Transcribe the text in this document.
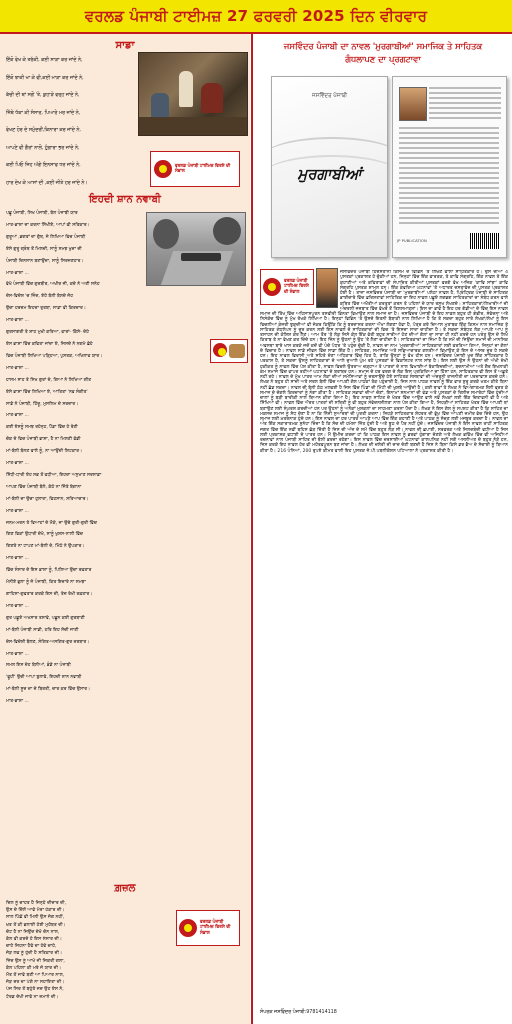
ਵਰਲਡ ਪੰਜਾਬੀ ਟਾਈਮਜ਼ 27 ਫਰਵਰੀ 2025 ਦਿਨ ਵੀਰਵਾਰ
ਸਾਡਾ
ਇੱਕੋ ਵੇਖ ਕੇ ਤਰੱਕੀ, ਕਈ ਸਾੜਾ ਕਰ ਜਾਂਦੇ ਨੇ,
ਇੱਕੋ ਝਾਕੀ ਖਾ ਕੇ ਵੀ,ਕਈ ਮਾੜਾ ਕਰ ਜਾਂਦੇ ਨੇ,
ਕੱਚੀ ਦੀ ਥਾਂ ਸਗੋਂ 'ਤੇ, ਕੁਹਾੜੇ ਵਰ੍ਹ ਜਾਂਦੇ ਨੇ,
ਜਿੱਥੇ ਧੱਕਾ ਕੀ ਸੰਸਾਰ, ਪਿਆਰੇ ਮਰ ਜਾਂਦੇ ਨੇ,
ਵੇਖਣ ਹੋਰ ਦੇ ਸਮੁੰਦਰੀਂ,ਕਿਨਾਰਾ ਕਰ ਜਾਂਦੇ ਨੇ,
ਆਪਣੇ ਵੀ ਗੈਰਾਂ ਨਾਲੋਂ, ਹੁੰਗਾਰਾ ਭਰ ਜਾਂਦੇ ਨੇ,
ਕਈ ਪਿਓ ਜਿਹ ਅੱਗੇ ਇਨਸਾਫ ਧਰ ਜਾਂਦੇ ਨੇ,
ਹਾਰ ਦੇਖ ਕੇ ਆਸਾਂ ਦੀ ,ਕਈ ਜੀਤੇ ਹਰ ਜਾਂਦੇ ਨੇ।
ਵਰਲਡ ਪੰਜਾਬੀ ਟਾਈਮਜ਼ ਵਿਰਸੇ ਦੀ ਸੰਭਾਲ
ਇਹਦੀ ਸ਼ਾਨ ਨਵਾਬੀ
ਪਛੂ ਪੰਜਾਬੀ, ਸਿਖ ਪੰਜਾਬੀ, ਬੋਲ ਪੰਜਾਬੀ ਯਾਰ
ਮਾਤ-ਭਾਸ਼ਾ ਦਾ ਕਰਨਾ ਸਿੱਖੀਏ, ਆਪਾਂ ਵੀ ਸਤਿਕਾਰ।
ਗੁਰੂਆਂ ,ਭਗਤਾਂ ਦਾ ਗੁੱਥ, ਜੋ ਲਿਖਿਆ ਵਿਚ ਪੰਜਾਬੀ
ਏਸੇ ਗੁਰੂ ਗ੍ਰੰਥ ਤੋਂ ਮਿਲਦੀ, ਸਾਨੂੰ ਸਮਝ ਖੁਦਾ ਦੀ
ਪੰਜਾਬੀ ਦਿਨਸਾਨ ਬਣਾਉਂਦਾ, ਸਾਨੂੰ ਸਿਰਜਣਹਾਰ।
ਮਾਤ-ਭਾਸ਼ਾ ...
ਵੇਖੇ ਪੰਜਾਬੀ ਵਿੱਚ ਗੁਰਬੀਰ, ਅਖੀਰ ਜੀ, ਕਦੇ ਨੇ ਅਣੀ ਸਨੇਹ
ਦੇਸ-ਵਿਦੇਸ਼ 'ਚ ਜਿੰਦ, ਏਹੋ ਬੋਲੀ ਬੋਲਦੇ ਜੋਹ
ਉਚਾ ਹਰਦਮ ਇਹਦਾ ਰੁਤਬਾ, ਸਾਡਾ ਵੀ ਕਿਰਦਾਰ।
ਮਾਤ-ਭਾਸ਼ਾ ...
ਗੁਰਸਾਗਰੀ ਤੇ ਸ਼ਾਹ ਮੁਖੀ ਕਰਿਆ, ਵਾਰਾਂ- ਕਿੱਸੇ- ਦੋਹੇ
ਏਸ ਭਾਸ਼ਾ ਵਿੱਚ ਕਵਿਤਾ ਜਾਂਦਾ ਏ, ਜਿਸਦੇ ਨੇ ਨਗਮੇ ਛੋਹੇ
ਵਿਚ ਪੰਜਾਬੀ ਲਿਖਿਆ ਪੜ੍ਹਿਆ, ਪੁਸਤਕ, ਅਖਿਲਾਵ ਯਾਰ।
ਮਾਤ-ਭਾਸ਼ਾ ...
ਹਾਸਮ ਸਾਹ ਤੇ ਸਿਖ ਗੁਰਾਂ ਦੇ, ਗਿਆ ਨੇ ਲਿਖਿਆ ਗੀਤ
ਏਸੇ ਭਾਸ਼ਾ ਵਿੱਚ ਲਿਖਿਆ ਏ, ਆਤਿਤਾ 'ਨਵ ਸੰਗੀਤ'
ਸਾਡੇ ਨੇ ਪੰਜਾਬੀ, ਹਿੱਦੂ, ਮੁਸਲਿਮ ਦੇ ਸਰਦਾਰ।
ਮਾਤ-ਭਾਸ਼ਾ ...
ਕਈ ਏਸਨੂੰ ਸਮਝ ਰਹੇਨ੍ਹ, ਪੈਂਡਾ ਵਿੱਚ ਹੋ ਰੋਣੀ
ਚੋਕ ਦੇ ਵਿਚ ਪੰਜਾਬੀ ਭਾਸ਼ਾ, ਹੈ ਨਾ ਮਿਲਣੀ ਵੱਡੀ
ਮਾਂ-ਬੋਲੀ ਬੋਲਣ ਵਾਲੇ ਨੂੰ, ਨਾ ਆਉਂਦੀ ਸ਼ਿਟਕਾਰ।
ਮਾਤ-ਭਾਸ਼ਾ ...
ਸਿੱਧੀ-ਧਾਰੀ ਏਹ ਸਭ ਤੋਂ ਵਧੀਆ, ਇਹਦਾ ਅਨੁਖਾਣ ਸਰਸਾਡਾ
ਆਪਣ ਵਿੱਚ ਪੰਜਾਬੀ ਬੋਲੋ, ਕੱਠੇ ਨਾ ਜਿੱਤੇ ਬੇਗਾਨਾ
ਮਾਂ-ਬੋਲੀ ਦਾ ਉਚਾ ਹੁਲਾਰਾ, ਵਿਹਸਾਨ, ਸਤਿਆਚਾਰ।
ਮਾਤ-ਭਾਸ਼ਾ ...
ਜਨਮ-ਮਰਨ ਤੇ ਵਿਆਹਾਂ ਦੇ ਮੌਕੇ, ਜਾ ਉਚੇ ਗੁਰੀ-ਗੁਰੀ ਵਿੱਚ
ਗਿਣ ਵਿਕਾਂ ਉਧਾਰੀ ਦੇਖੋ, ਸਾਨੂੰ ਖੁਸ਼ਸ-ਨਾਲੀ ਵਿੱਚ
ਗਿਣਤੇ ਨਾ ਟਾਪਣ ਮਾਂ-ਬੋਲੀ ਦੇ, ਮਿੱਠੇ ਨੇ ਉਪਕਾਰ।
ਮਾਤ-ਭਾਸ਼ਾ ...
ਵਿੱਚ ਸੰਸਾਰ ਦੇ ਇਸ ਭਾਸ਼ਾ ਨੂੰ, ਪਿਲਿਆ ਉਚਾ ਰਫਤਾਰ
ਮੋਨੀਏ ਭੁਲਾ ਨੂੰ ਜੇ ਪੰਜਾਬੀ, ਕਿਤ ਇਦਾਰੇ ਨਾ ਸਮਝਾ
ਗਾਹਿਸਾ-ਗੁਫਤਾਰ ਕਰਕੇ ਇਸ ਦੀ, ਤੇਜ਼ ਰੱਖੀ ਰਫ਼ਤਾਰ।
ਮਾਤ-ਭਾਸ਼ਾ ...
ਗੁਰ ਪਛੂਏ ਅਖਸਾਰ ਤਸਾਵੇ, ਪਛੂਨ ਕਈ ਗੁਰਬਾਣੀ
ਮਾਂ-ਬੋਲੀ ਪੰਜਾਬੀ ਸਾਡੀ, ਹਰਿ ਇਹ ਸੱਚੀ ਜਾਣੀ
ਦੇਸ-ਵਿਦੇਸ਼ੀ ਬੋਲਣ, ਸੰਗਿਤ-ਅਸਗਿਤ-ਗੁਰ ਦਰਬਾਰ।
ਮਾਤ-ਭਾਸ਼ਾ ...
ਸਮਲ ਇਸ ਦੇਹ ਬੋਲੀਆਂ, ਭੰਡੇ ਨਾ ਪੰਜਾਬੀ
'ਫੂਹੀ' ਉਚੀ ਆਪਾ ਬੁਲਾਵੇ, ਇਹਦੀ ਸ਼ਾਨ ਨਵਾਬੀ
ਮਾਂ-ਬੋਲੀ ਸੂਦ ਦਾ ਦੇ ਬਿਰਤੀ, ਚਾਰ ਕਰ ਵਿੱਚ ਉਸਾਰ।
ਮਾਤ-ਭਾਸ਼ਾ ...
ਗ਼ਜ਼ਲ
ਦਿਲ ਨੂੰ ਚਾਹਤ ਹੈ ਜਿਨ੍ਹੇ ਦੀਦਾਰ ਦੀ,
ਉਸ ਦੇ ਦਿੱਲੋਂ ਆਵੇ ਮੇਰਾ ਹੰਕਾਰ ਦੀ।
ਸਾਲ ਪਿੱਛੋਂ ਵੀ ਮਿਲੀ ਉਸ ਜੱਗ ਨਹੀਂ,
ਖ਼ਤ ਤੋਂ ਕੀ ਭਲਾਈ ਹੋਈ ਮੁਹੱਬਤ ਦੀ।
ਚੋਟ ਹੈ ਨਾ ਜਿਉਂਦ ਦੇਖੋ ਚੱਨ ਨਾਲ,
ਕੱਲ ਵੀ ਕਰਦੇ ਹੋ ਇਸ ਸੰਸਾਰ ਦੀ।
ਚਾਹੇ ਜਿਹਨਾ ਹੈਵੇ ਦਾ ਹੋਵੇ ਚਾਹੇ,
ਜੋੜ ਲਵ ਨੂੰ ਹੁੰਦੀ ਹੈ ਸਤਿਕਾਰ ਦੀ।
ਜਿੰਦ ਉਸ ਨੂੰ ਆਖੋ ਜੀ ਜਿਕਰੀ ਗਲਾ,
ਕੱਲ ਪਹਿਲਾ ਕੀ ਮਰੇ ਜੇ ਯਾਰ ਦੀ।
ਮੌਤ ਤੋਂ ਜਾਵੇ ਬਣੀ ਆ ਪਿਆਰ ਨਾਲ,
ਜੇੜ ਦਰ ਦਾ ਪੰਗੇ ਨਾ ਸਹਾਇਤਾ ਦੀ।
ਪੰਜ ਸਿਰ ਤੋਂ ਬਹੁੰਤੇ ਜਦ ਉਹ ਏਸ ਨੇ,
ਟੋਰਡ ਦੇਖੀ ਜਾਵੇ ਨਾ ਜ਼ਮਾਨੇ ਦੀ।
ਵਰਲਡ ਪੰਜਾਬੀ ਟਾਈਮਜ਼ ਵਿਰਸੇ ਦੀ ਸੰਭਾਲ
ਜਸਵਿੰਦਰ ਪੰਜਾਬੀ ਦਾ ਨਾਵਲ 'ਮੁਰਗਾਬੀਆਂ' ਸਮਾਜਿਕ ਤੇ ਸਾਹਿਤਕ
ਗੰਧਲਾਪਣ ਦਾ ਪ੍ਰਗਟਾਵਾ
ਜਸਵਿੰਦਰ ਪੰਜਾਬੀ
ਮੁਰਗਾਬੀਆਂ
JP PUBLICATION
ਜਸਵਿੰਦਰ ਪੰਜਾਬੀ ਹਿੰਦੋਸਤਾਨੀ ਕਿਸਮ ਦੇ ਵਿਭਿੰਨ 'ਤੇ ਲਿਖਣ ਵਾਲਾ ਸਾਹਿਤਕਾਰ ਹੈ। ਉਸ ਦੀਆਂ 4 ਪੁਸਤਕਾਂ ਪ੍ਰਕਾਸ਼ਤ ਹੋ ਚੁੱਕੀਆਂ ਹਨ, ਜਿਨ੍ਹਾਂ ਵਿੱਚ ਇੱਕ ਵਾਰਤਕ, ਤੇ ਕਾਵਿ ਸੰਗ੍ਰਹਿ, ਇੱਕ ਨਾਵਲ ਤੇ ਇੱਕ ਕਹਾਣੀਆਂ ਅਤੇ ਕਵਿਤਾਵਾਂ ਦੀ ਸੰਪਾਦਿਤ ਕੀਤੀਆਂ ਪੁਸਤਕਾਂ ਵਰਗੇ ਵੱਖ ਅਜਿਕ 'ਕਾਵਿ ਸਾਂਝਾ' ਕਾਵਿ ਸੰਗ੍ਰਹਿ ਪੁਸਤਕ ਸ਼ਾਮਲ ਹਨ। ਇੱਕ ਕੰਵਰਿਆ ਘਟਨਾਵਾਂ 'ਤੇ ਅਧਾਰਤ ਦਸਤਾਵੇਜ਼ ਦੀ ਪੁਸਤਕ ਪ੍ਰਕਾਸ਼ਤ ਹੋਈ ਹੈ। ਤਾਜ਼ਾ ਜਸਵਿੰਦਰ ਪੰਜਾਬੀ ਦਾ 'ਮੁਰਗਾਬੀਆਂ' ਪਲੇਠਾ ਨਾਵਲ ਹੈ, ਪ੍ਰਿੰਟ੍ਰਿਕ ਪੰਜਾਬੀ ਦੇ ਸਾਹਿਤਕ ਭਾਈਚਾਰੇ ਵਿੱਚ ਫ਼ਰਿਸ਼ਤਾਵਾਂ ਸਾਹਿਤਿਕ ਦਾ ਇਹ ਨਾਵਲ ਪਛੂਏ ਲਗਭਗ ਸਾਹਿਤਕਾਰਾਂ ਦਾ ਸੰਬੰਧ ਕਰਨ ਵਾਲੇ ਕਥਿਤ ਵਿੱਚ ਅਖੌਤੀਆਂ ਕਰਤੂਤਾਂ ਕਰਨ ਤੇ ਪਹਿਲਾਂ ਦੇ ਯਾਰ ਰਸੂਖ ਲੱਖਣਦੇ। ਸਾਹਿਤਕਾਰਾਂ/ਲਿਖਾਰੀਆਂ ਦੀ ਅੰਦਰਲੀ ਜਜ਼ਬਾਤ ਵਿੱਚ ਵੱਖਰ ਤੋਂ ਤਿਲਸਮਾਤਸ਼ਾਂ। ਇਸ ਦਾ ਭਾਵ ਹੈ ਇਹ ਹਰ ਗੱਡੀਆਂ ਦੇ ਵਿੱਚ ਇਸ ਨਾਵਲ ਸਮਾਜ ਦੀ ਤਿੱਖ ਵਿੱਚ ਅਹਿਸਾਸਪੂਰਨ ਤਸਵੀਰੀ ਭਿੰਨਤਾ ਵਿਖਾਉਣ ਨਾਲ ਸਮਾਜ ਦਾ ਹੈ। ਜਸਵਿੰਦਰ ਪੰਜਾਬੀ ਦੇ ਇਹ ਨਾਵਲ ਬਹੁਤ ਹੀ ਗੰਭੀਰ, ਸੰਵੇਦਨਾ ਅਤੇ ਨਿਸੰਕੋਚ ਵਿੱਚ ਨੂੰ ਮੁੱਖ ਰੱਖਕੇ ਲਿਖਿਆ ਹੈ। ਇਨ੍ਹਾਂ ਵਿਭਿੰਨ 'ਤੇ ਉਸਦੇ ਇਤਨੀ ਬੇਬਾਕੀ ਨਾਲ ਲਿਖਿਆ ਹੈ ਕਿ ਤੇ ਸਕਦਾ ਬਹੁਤ ਸਾਰੇ ਲੇਖਕਾਂ/ਲੇਖਾਂ ਨੂੰ ਇਸ ਵਿਚਲੀਆਂ ਕੰਜਰੀ ਝੁਕਦੀਆਂ ਵੀ ਜੇਕਰ ਕਿਉਂਕਿ ਕਿ ਨੂੰ ਬਰਦਾਸ਼ਤ ਕਰਨਾ ਔਖਾ ਲੱਗਣਾ ਹੋਵਾ ਹੈ, ਪੱਤ੍ਰ ਕਰੇ ਚਿਆਲ ਮੁਤਾਬਕ ਇੱਕ ਕਿਸਮ ਨਾਲ ਸਮਾਜਿਕ ਤੇ ਸਾਹਿਤਕ ਗੰਧਲੇਪਨ ਨੂੰ ਦੂਰ ਕਰਨ ਲਈ ਇਸ ਨਾਵਲ ਦੇ ਸਾਹਿਤਕਾਰਾਂ ਦੀ ਵਿਚ 'ਤੇ ਇਸਦਾ ਸਾਰਾ ਚਾਹੀਦਾ ਹੈ। ਤੇ ਸਕਦਾ ਸੰਬੰਧਤ ਲੋਕ ਆਪਣੇ ਆਪ ਨੂੰ ਤਸਾਹਨ ਦੀ ਕੋਸ਼ਿਸ਼ ਕਰ ਲੈਣ। ਆਮ ਤੌਰ 'ਤੇ ਲੋਕ ਜਿਸੇ ਕੋਲ ਇੱਕ ਵੇਰੀ ਬਹੁਤ ਸਾਰੀਆਂ ਹੋਣ ਦੀਆਂ ਗੱਲਾਂ ਦਾ ਸਾਰਾ ਹੀ ਨਹੀਂ ਕਰਦੇ ਹਨ ਪਰੰਤੂ ਉਸ ਦੇ ਲਿਖੇ ਕਿਤਾਬ ਤੇ ਨਾ ਵੇਖਣ ਕਰ ਦਿੰਦੇ ਹਨ। ਇਹ ਜਿੰਨ ਨੂੰ ਉਹਨਾਂ ਨੂੰ ਉਹ 'ਤੇ ਲੈਣਾ ਚਾਹੀਦਾ ਹੈ। ਸਾਹਿਤਕਾਰਾਂ ਦਾ ਜਿੰਮਾ ਹੈ ਕਿ ਸਮੇਂ ਦੀ ਜਿਉਂਦਾ ਸਮਾਜ ਦੀ ਮਾਨਸਿਕ ਅਵਸਥਾ ਬਾਰੇ ਖਾਸ ਕਰਕੇ ਜਦੋਂ ਕਦੋਂ ਵੀ ਪੰਚੇ ਪੱਧਰ 'ਤੇ ਪਹੁੰਚ ਚੁੱਕੀ ਹੈ, ਨਾਵਲ ਦਾ ਨਾਮ 'ਮੁਰਗਾਬੀਆਂ' ਸਾਹਿਤਕਾਰਾਂ ਲਈ ਵਰਤਿਆ ਗਿਆ, ਜਿਨ੍ਹਾਂ ਦਾ ਗੱਲਾਂ ਦੇ ਵਿਚਾਰ ਹੈ। ਨਾਵਲ ਸਾਡੇ ਜੀਵਨ ਵਿੱਚ ਸਾਡਾ ਇੱਕ ਹੈ। ਸਾਹਿਤਕ, ਸਮਾਜਿਕ ਅਤੇ ਸਭਿਆਚਾਰਕ ਗਲਤੀਆਂ ਵਿਖਾਉਣ ਕੇ ਇਸ ਦੇ ਅਸਰ ਦੂਰ ਹੋ ਸਕਦੇ ਹਨ। ਇਹ ਨਾਵਲ ਵਿਰਾਸੀ ਅਤੇ ਸਹਿਤੇ ਦੇਣਾ ਅਧਿਕਾਰ ਵਿੱਚ ਹਿਤ ਹੈ, ਤਾਕਿ ਉਨ੍ਹਾਂ ਨੂੰ ਵੱਖ ਹੀਸ ਹਨ। ਜਸਵਿੰਦਰ ਪੰਜਾਬੀ ਖੁਦ ਇੱਕ ਸਾਹਿਤਕਾਰ ਹੈ ਪਰਕਾਸ਼ ਹੈ, ਤੇ ਸਕਦਾ ਉਸਨੂੰ ਸਾਹਿਤਕਾਰਾਂ ਦੇ ਆਲੇ ਦੁਆਲੇ ਘੁੰਮ ਰਹੇ ਪੁਸਤਕਾਂ ਦੇ ਵਿਕਾਸ਼ਟਰ ਨਾਲ ਸਾਂਝ ਹੈ। ਇਸ ਲਈ ਉਸ ਨੇ ਉਹਨਾਂ ਦੀ ਅੱਖੀ ਦੇਖੀ ਹਕੀਕਤ ਨੂੰ ਨਾਵਲ ਵਿੱਚ ਪੇਸ਼ ਕੀਤਾ ਹੈ, ਨਾਵਲ ਵਿਚਲੇ ਉਤਰਾਅ ਚੜ੍ਹਾਅ ਤੇ ਪਾਤਰਾਂ ਦੇ ਨਾਲ ਵਿਖਾਈਆਂ ਬੇਕਾਇਦਗੀਆਂ, ਬਦਨਾਮੀਆਂ ਅਤੇ ਗੈਰ ਇਖਲਾਕੀ ਕੰਮ ਸਮਾਜ ਵਿੱਚ ਵਾਪਰ ਰਹੀਆਂ ਘਟਨਾਵਾਂ ਦੇ ਬਰਾਬਰ ਹਨ। ਸਮਾਜ ਦੇ ਹਰ ਵਰਗ ਦੇ ਲੋਕ ਇਸ ਪ੍ਰਕਿਰਿਆ ਦਾ ਹਿੱਸਾ ਹਨ, ਸਾਹਿਤਕਾਰ ਵੀ ਇਸ ਤੋਂ ਅਛੂਤੇ ਨਹੀਂ ਰਹੇ। ਨਾਵਲ ਦੇ ਮੁੱਖ ਪਾਤਰ ਆਮ ਲੋਕਾਂ ਦੀਆਂ ਸਮੱਸਿਆਵਾਂ ਨੂੰ ਦਰਸਾਉਂਦੇ ਹੋਏ ਸਾਹਿਤਕ ਸੰਸਥਾਵਾਂ ਦੀ ਅੰਦਰੂਨੀ ਰਾਜਨੀਤੀ ਦਾ ਪਰਦਾਫਾਸ਼ ਕਰਦੇ ਹਨ। ਲੇਖਕ ਨੇ ਬਹੁਤ ਹੀ ਸਾਦੀ ਅਤੇ ਸਰਲ ਬੋਲੀ ਵਿੱਚ ਆਪਣੀ ਗੱਲ ਪਾਠਕਾਂ ਤੱਕ ਪਹੁੰਚਾਈ ਹੈ, ਜਿਸ ਨਾਲ ਪਾਠਕ ਨਾਵਲ ਨੂੰ ਇੱਕ ਵਾਰ ਸ਼ੁਰੂ ਕਰਕੇ ਖਤਮ ਕੀਤੇ ਬਿਨਾ ਨਹੀਂ ਛੱਡ ਸਕਦਾ। ਨਾਵਲ ਦੀ ਬੋਲੀ ਠੇਠ ਮਲਵਈ ਹੈ ਜਿਸ ਵਿੱਚ ਪਿੰਡਾਂ ਦੀ ਮਿੱਟੀ ਦੀ ਖੁਸ਼ਬੋ ਆਉਂਦੀ ਹੈ। ਕਈ ਥਾਵਾਂ ਤੇ ਲੇਖਕ ਨੇ ਵਿਅੰਗਾਤਮਕ ਸ਼ੈਲੀ ਵਰਤ ਕੇ ਸਮਾਜ ਦੇ ਦੋਗਲੇ ਕਿਰਦਾਰਾਂ ਨੂੰ ਨੰਗਾ ਕੀਤਾ ਹੈ। ਸਾਹਿਤਕ ਸਭਾਵਾਂ ਦੀਆਂ ਚੋਣਾਂ, ਇਨਾਮਾਂ ਸਨਮਾਨਾਂ ਦੀ ਵੰਡ ਅਤੇ ਪੁਸਤਕਾਂ ਦੇ ਰਿਲੀਜ਼ ਸਮਾਰੋਹਾਂ ਵਿੱਚ ਹੁੰਦੀਆਂ ਚਾਲਾਂ ਨੂੰ ਬੜੀ ਬਾਰੀਕੀ ਨਾਲ ਬਿਆਨ ਕੀਤਾ ਗਿਆ ਹੈ। ਇਹ ਨਾਵਲ ਸਾਹਿਤ ਦੇ ਖੇਤਰ ਵਿੱਚ ਆਉਣ ਵਾਲੇ ਨਵੇਂ ਲੇਖਕਾਂ ਲਈ ਇੱਕ ਚਿਤਾਵਨੀ ਵੀ ਹੈ ਅਤੇ ਸਿੱਖਿਆ ਵੀ। ਨਾਵਲ ਵਿੱਚ ਔਰਤ ਪਾਤਰਾਂ ਦੀ ਸਥਿਤੀ ਨੂੰ ਵੀ ਬਹੁਤ ਸੰਵੇਦਨਸ਼ੀਲਤਾ ਨਾਲ ਪੇਸ਼ ਕੀਤਾ ਗਿਆ ਹੈ, ਜਿਹੜੀਆਂ ਸਾਹਿਤਕ ਖੇਤਰ ਵਿੱਚ ਆਪਣੀ ਥਾਂ ਬਣਾਉਣ ਲਈ ਸੰਘਰਸ਼ ਕਰਦੀਆਂ ਹਨ ਪਰ ਉਹਨਾਂ ਨੂੰ ਅਨੇਕਾਂ ਮੁਸ਼ਕਲਾਂ ਦਾ ਸਾਹਮਣਾ ਕਰਨਾ ਪੈਂਦਾ ਹੈ। ਲੇਖਕ ਨੇ ਇਸ ਗੱਲ ਨੂੰ ਸਪਸ਼ਟ ਕੀਤਾ ਹੈ ਕਿ ਸਾਹਿਤ ਦਾ ਮਕਸਦ ਸਮਾਜ ਨੂੰ ਸੇਧ ਦੇਣਾ ਹੈ ਨਾ ਕਿ ਨਿੱਜੀ ਸੁਆਰਥਾਂ ਦੀ ਪੂਰਤੀ ਕਰਨਾ। ਜਿਹੜੇ ਸਾਹਿਤਕਾਰ ਸ਼ੋਹਰਤ ਦੀ ਭੁੱਖ ਵਿੱਚ ਆਪਣੀ ਜ਼ਮੀਰ ਵੇਚ ਦਿੰਦੇ ਹਨ, ਉਹ ਸਮਾਜ ਲਈ ਖ਼ਤਰਨਾਕ ਹੁੰਦੇ ਹਨ। ਇਸ ਨਾਵਲ ਦਾ ਹਰ ਪਾਤਰ ਆਪਣੇ ਆਪ ਵਿੱਚ ਇੱਕ ਕਹਾਣੀ ਹੈ ਅਤੇ ਪਾਠਕ ਨੂੰ ਸੋਚਣ ਲਈ ਮਜਬੂਰ ਕਰਦਾ ਹੈ। ਨਾਵਲ ਦਾ ਅੰਤ ਇੱਕ ਸਕਾਰਾਤਮਕ ਸੁਨੇਹਾ ਦਿੰਦਾ ਹੈ ਕਿ ਸੱਚ ਦੀ ਹਮੇਸ਼ਾ ਜਿੱਤ ਹੁੰਦੀ ਹੈ ਅਤੇ ਝੂਠ ਦੇ ਪੈਰ ਨਹੀਂ ਹੁੰਦੇ। ਜਸਵਿੰਦਰ ਪੰਜਾਬੀ ਨੇ ਇਸ ਨਾਵਲ ਰਾਹੀਂ ਸਾਹਿਤਕ ਜਗਤ ਵਿੱਚ ਇੱਕ ਨਵੀਂ ਬਹਿਸ ਛੇੜ ਦਿੱਤੀ ਹੈ ਜਿਸ ਦੀ ਅੱਜ ਦੇ ਸਮੇਂ ਵਿੱਚ ਬਹੁਤ ਲੋੜ ਸੀ। ਨਾਵਲ ਦੀ ਛਪਾਈ, ਸਰਵਰਕ ਅਤੇ ਜਿਲਦਬੰਦੀ ਵਧੀਆ ਹੈ ਜਿਸ ਲਈ ਪ੍ਰਕਾਸ਼ਕ ਵਧਾਈ ਦੇ ਪਾਤਰ ਹਨ। ਮੈਂ ਉਮੀਦ ਕਰਦਾ ਹਾਂ ਕਿ ਪਾਠਕ ਇਸ ਨਾਵਲ ਨੂੰ ਭਰਵਾਂ ਹੁੰਗਾਰਾ ਦੇਣਗੇ ਅਤੇ ਲੇਖਕ ਭਵਿੱਖ ਵਿੱਚ ਵੀ ਅਜਿਹੀਆਂ ਰਚਨਾਵਾਂ ਨਾਲ ਪੰਜਾਬੀ ਸਾਹਿਤ ਦੀ ਝੋਲੀ ਭਰਦਾ ਰਹੇਗਾ। ਇਸ ਨਾਵਲ ਵਿੱਚ ਦਰਸਾਈਆਂ ਘਟਨਾਵਾਂ ਕਾਲਪਨਿਕ ਨਹੀਂ ਸਗੋਂ ਅਸਲੀਅਤ ਦੇ ਬਹੁਤ ਨੇੜੇ ਹਨ, ਜਿਸ ਕਰਕੇ ਇਹ ਨਾਵਲ ਹੋਰ ਵੀ ਮਹੱਤਵਪੂਰਨ ਬਣ ਜਾਂਦਾ ਹੈ। ਲੇਖਕ ਦੀ ਦਲੇਰੀ ਦੀ ਦਾਦ ਦੇਣੀ ਬਣਦੀ ਹੈ ਜਿਸ ਨੇ ਬਿਨਾ ਕਿਸੇ ਡਰ ਭੈਅ ਦੇ ਸੱਚਾਈ ਨੂੰ ਬਿਆਨ ਕੀਤਾ ਹੈ। 216 ਪੰਨਿਆਂ, 200 ਰੁਪਏ ਕੀਮਤ ਵਾਲੀ ਇਹ ਪੁਸਤਕ ਜੇ.ਪੀ.ਪਬਲੀਕੇਸ਼ਨ ਪਟਿਆਲਾ ਨੇ ਪ੍ਰਕਾਸ਼ਤ ਕੀਤੀ ਹੈ।
ਵਰਲਡ ਪੰਜਾਬੀ ਟਾਈਮਜ਼ ਵਿਰਸੇ ਦੀ ਸੰਭਾਲ
ਸੰਪਰਕ ਜਸਵਿੰਦਰ ਪੰਜਾਬੀ:9781414118
